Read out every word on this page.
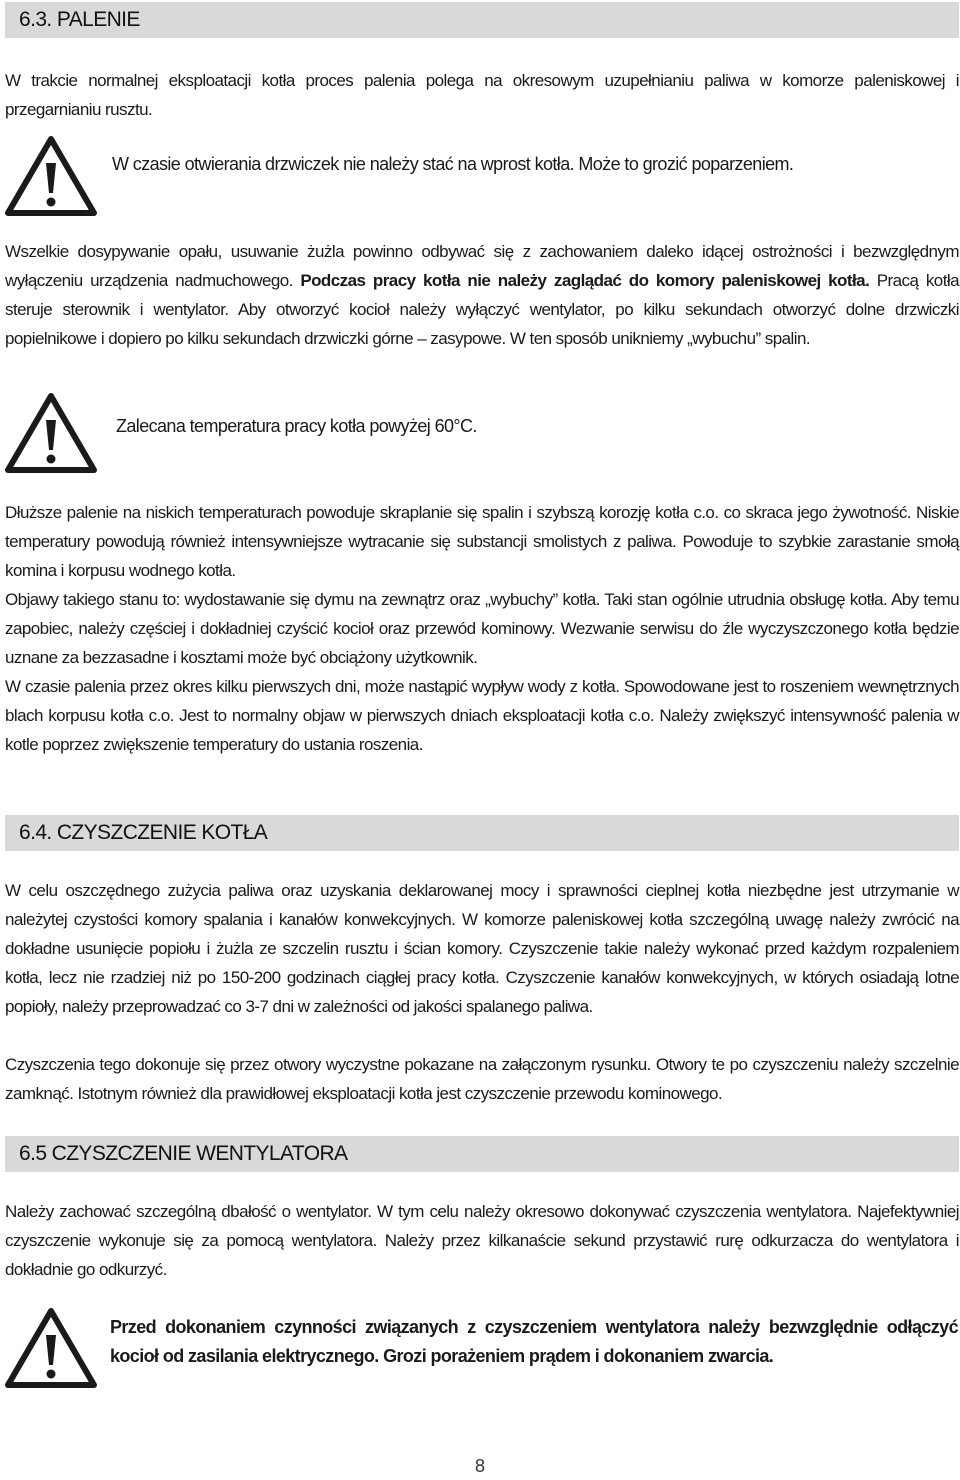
6.3. PALENIE

W trakcie normalnej eksploatacji kotła proces palenia polega na okresowym uzupełnianiu paliwa w komorze paleniskowej i przegarnianiu rusztu.

W czasie otwierania drzwiczek nie należy stać na wprost kotła. Może to grozić poparzeniem.

Wszelkie dosypywanie opału, usuwanie żużla powinno odbywać się z zachowaniem daleko idącej ostrożności i bezwzględnym wyłączeniu urządzenia nadmuchowego. Podczas pracy kotła nie należy zaglądać do komory paleniskowej kotła. Pracą kotła steruje sterownik i wentylator. Aby otworzyć kocioł należy wyłączyć wentylator, po kilku sekundach otworzyć dolne drzwiczki popielnikowe i dopiero po kilku sekundach drzwiczki górne – zasypowe. W ten sposób unikniemy „wybuchu” spalin.

Zalecana temperatura pracy kotła powyżej 60°C.

Dłuższe palenie na niskich temperaturach powoduje skraplanie się spalin i szybszą korozję kotła c.o. co skraca jego żywotność. Niskie temperatury powodują również intensywniejsze wytracanie się substancji smolistych z paliwa. Powoduje to szybkie zarastanie smołą komina i korpusu wodnego kotła.

Objawy takiego stanu to: wydostawanie się dymu na zewnątrz oraz „wybuchy” kotła. Taki stan ogólnie utrudnia obsługę kotła. Aby temu zapobiec, należy częściej i dokładniej czyścić kocioł oraz przewód kominowy. Wezwanie serwisu do źle wyczyszczonego kotła będzie uznane za bezzasadne i kosztami może być obciążony użytkownik.

W czasie palenia przez okres kilku pierwszych dni, może nastąpić wypływ wody z kotła. Spowodowane jest to roszeniem wewnętrznych blach korpusu kotła c.o. Jest to normalny objaw w pierwszych dniach eksploatacji kotła c.o. Należy zwiększyć intensywność palenia w kotle poprzez zwiększenie temperatury do ustania roszenia.

6.4. CZYSZCZENIE KOTŁA

W celu oszczędnego zużycia paliwa oraz uzyskania deklarowanej mocy i sprawności cieplnej kotła niezbędne jest utrzymanie w należytej czystości komory spalania i kanałów konwekcyjnych. W komorze paleniskowej kotła szczególną uwagę należy zwrócić na dokładne usunięcie popiołu i żużla ze szczelin rusztu i ścian komory. Czyszczenie takie należy wykonać przed każdym rozpaleniem kotła, lecz nie rzadziej niż po 150-200 godzinach ciągłej pracy kotła. Czyszczenie kanałów konwekcyjnych, w których osiadają lotne popioły, należy przeprowadzać co 3-7 dni w zależności od jakości spalanego paliwa.

Czyszczenia tego dokonuje się przez otwory wyczystne pokazane na załączonym rysunku. Otwory te po czyszczeniu należy szczelnie zamknąć. Istotnym również dla prawidłowej eksploatacji kotła jest czyszczenie przewodu kominowego.

6.5 CZYSZCZENIE WENTYLATORA

Należy zachować szczególną dbałość o wentylator. W tym celu należy okresowo dokonywać czyszczenia wentylatora. Najefektywniej czyszczenie wykonuje się za pomocą wentylatora. Należy przez kilkanaście sekund przystawić rurę odkurzacza do wentylatora i dokładnie go odkurzyć.

Przed dokonaniem czynności związanych z czyszczeniem wentylatora należy bezwzględnie odłączyć kocioł od zasilania elektrycznego. Grozi porażeniem prądem i dokonaniem zwarcia.

8
